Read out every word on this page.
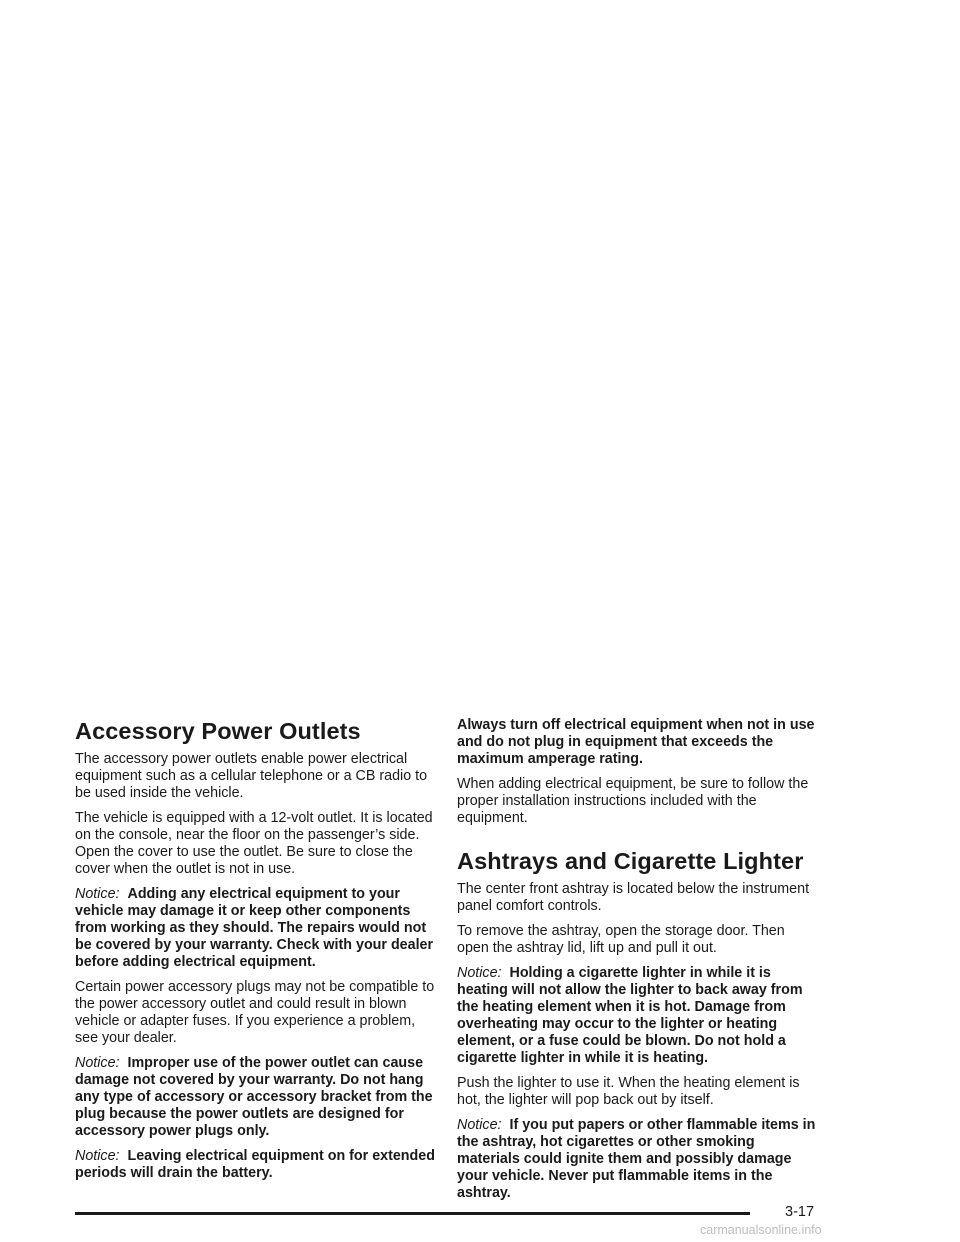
Accessory Power Outlets

The accessory power outlets enable power electrical equipment such as a cellular telephone or a CB radio to be used inside the vehicle.

The vehicle is equipped with a 12-volt outlet. It is located on the console, near the floor on the passenger’s side. Open the cover to use the outlet. Be sure to close the cover when the outlet is not in use.

Notice: Adding any electrical equipment to your vehicle may damage it or keep other components from working as they should. The repairs would not be covered by your warranty. Check with your dealer before adding electrical equipment.

Certain power accessory plugs may not be compatible to the power accessory outlet and could result in blown vehicle or adapter fuses. If you experience a problem, see your dealer.

Notice: Improper use of the power outlet can cause damage not covered by your warranty. Do not hang any type of accessory or accessory bracket from the plug because the power outlets are designed for accessory power plugs only.

Notice: Leaving electrical equipment on for extended periods will drain the battery.

Always turn off electrical equipment when not in use and do not plug in equipment that exceeds the maximum amperage rating.

When adding electrical equipment, be sure to follow the proper installation instructions included with the equipment.

Ashtrays and Cigarette Lighter

The center front ashtray is located below the instrument panel comfort controls.

To remove the ashtray, open the storage door. Then open the ashtray lid, lift up and pull it out.

Notice: Holding a cigarette lighter in while it is heating will not allow the lighter to back away from the heating element when it is hot. Damage from overheating may occur to the lighter or heating element, or a fuse could be blown. Do not hold a cigarette lighter in while it is heating.

Push the lighter to use it. When the heating element is hot, the lighter will pop back out by itself.

Notice: If you put papers or other flammable items in the ashtray, hot cigarettes or other smoking materials could ignite them and possibly damage your vehicle. Never put flammable items in the ashtray.

3-17
carmanualsonline.info
